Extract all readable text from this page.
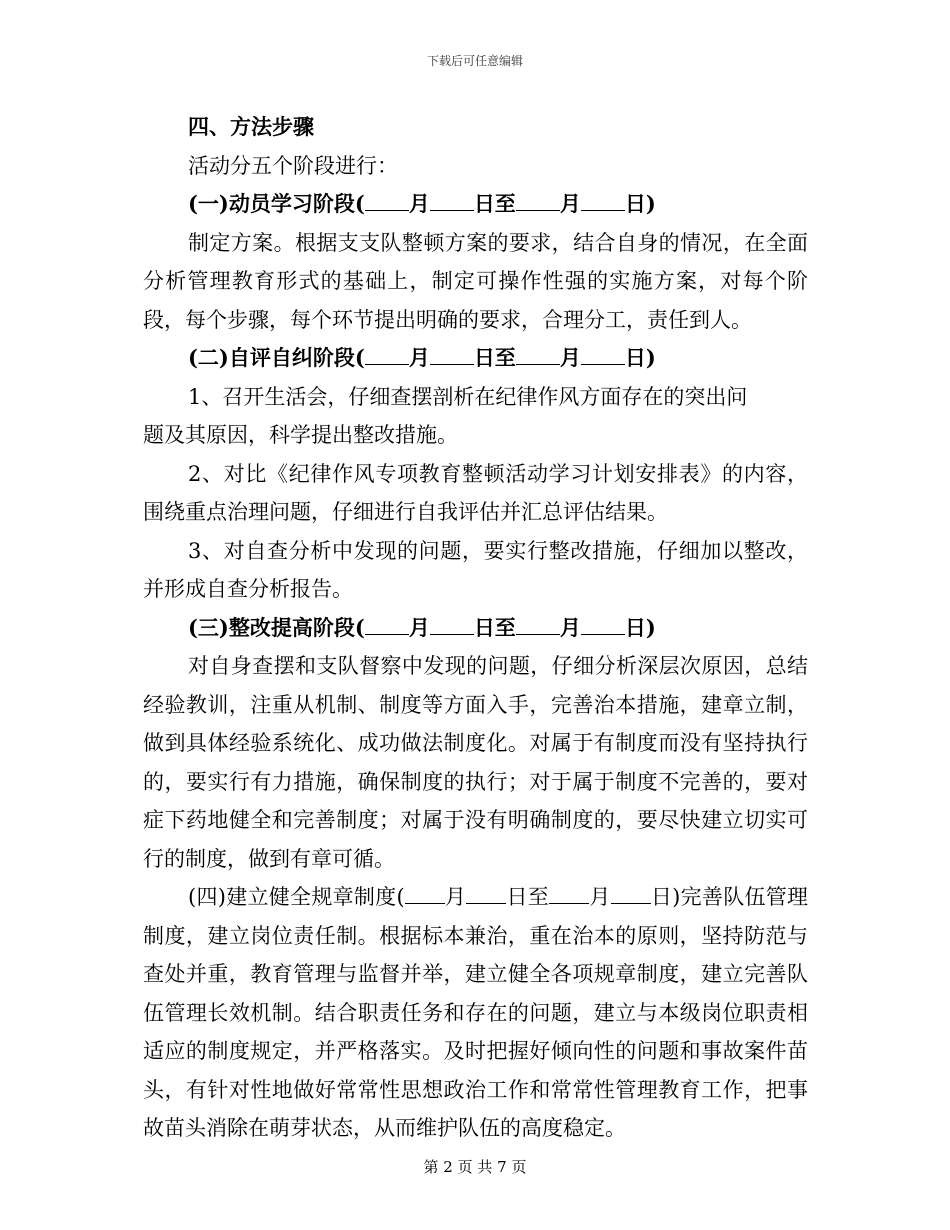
下载后可任意编辑

四、方法步骤

活动分五个阶段进行：

(一)动员学习阶段( 月 日至 月 日)

制定方案。根据支支队整顿方案的要求，结合自身的情况，在全面分析管理教育形式的基础上，制定可操作性强的实施方案，对每个阶段，每个步骤，每个环节提出明确的要求，合理分工，责任到人。

(二)自评自纠阶段( 月 日至 月 日)

1、召开生活会，仔细查摆剖析在纪律作风方面存在的突出问

题及其原因，科学提出整改措施。

2、对比《纪律作风专项教育整顿活动学习计划安排表》的内容，围绕重点治理问题，仔细进行自我评估并汇总评估结果。

3、对自查分析中发现的问题，要实行整改措施，仔细加以整改，并形成自查分析报告。

(三)整改提高阶段( 月 日至 月 日)

对自身查摆和支队督察中发现的问题，仔细分析深层次原因，总结经验教训，注重从机制、制度等方面入手，完善治本措施，建章立制，做到具体经验系统化、成功做法制度化。对属于有制度而没有坚持执行的，要实行有力措施，确保制度的执行；对于属于制度不完善的，要对症下药地健全和完善制度；对属于没有明确制度的，要尽快建立切实可行的制度，做到有章可循。

(四)建立健全规章制度( 月 日至 月 日)完善队伍管理制度，建立岗位责任制。根据标本兼治，重在治本的原则，坚持防范与查处并重，教育管理与监督并举，建立健全各项规章制度，建立完善队伍管理长效机制。结合职责任务和存在的问题，建立与本级岗位职责相适应的制度规定，并严格落实。及时把握好倾向性的问题和事故案件苗头，有针对性地做好常常性思想政治工作和常常性管理教育工作，把事故苗头消除在萌芽状态，从而维护队伍的高度稳定。

第 2 页 共 7 页
